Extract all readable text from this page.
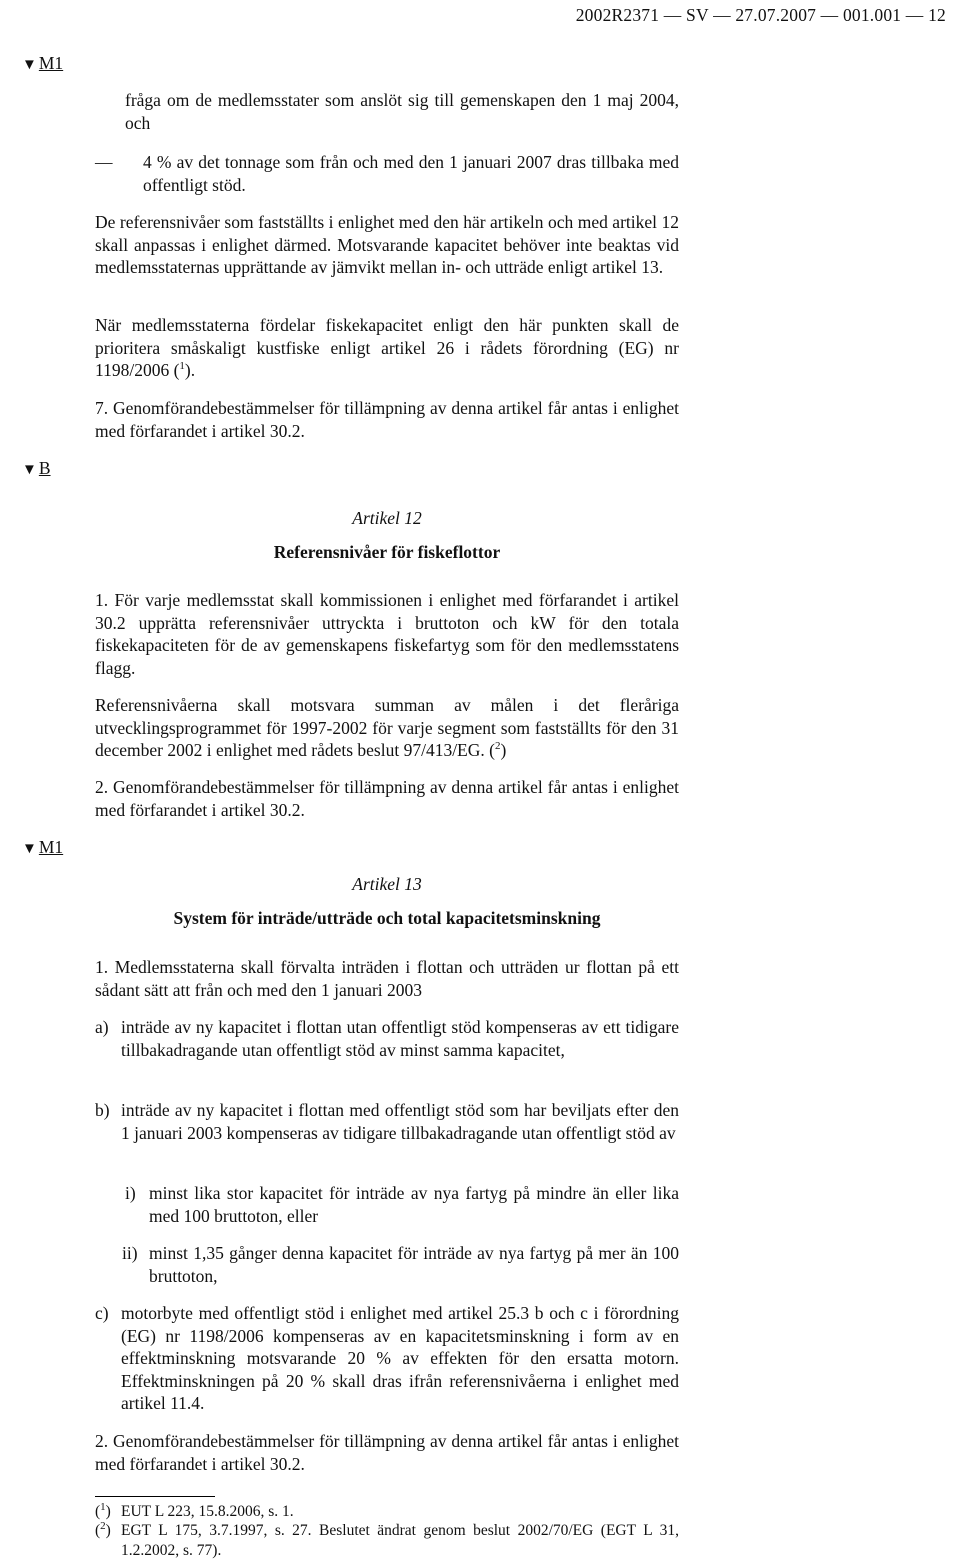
2002R2371 — SV — 27.07.2007 — 001.001 — 12
▼ M1
▼ B
▼ M1

fråga om de medlemsstater som anslöt sig till gemenskapen den 1 maj 2004, och

—	4 % av det tonnage som från och med den 1 januari 2007 dras tillbaka med offentligt stöd.

De referensnivåer som fastställts i enlighet med den här artikeln och med artikel 12 skall anpassas i enlighet därmed. Motsvarande kapacitet behöver inte beaktas vid medlemsstaternas upprättande av jämvikt mellan in- och utträde enligt artikel 13.

När medlemsstaterna fördelar fiskekapacitet enligt den här punkten skall de prioritera småskaligt kustfiske enligt artikel 26 i rådets förordning (EG) nr 1198/2006 ($^1$).

7. Genomförandebestämmelser för tillämpning av denna artikel får antas i enlighet med förfarandet i artikel 30.2.

Artikel 12
Referensnivåer för fiskeflottor

1. För varje medlemsstat skall kommissionen i enlighet med förfarandet i artikel 30.2 upprätta referensnivåer uttryckta i bruttoton och kW för den totala fiskekapaciteten för de av gemenskapens fiskefartyg som för den medlemsstatens flagg.

Referensnivåerna skall motsvara summan av målen i det fleråriga utvecklingsprogrammet för 1997-2002 för varje segment som fastställts för den 31 december 2002 i enlighet med rådets beslut 97/413/EG. ($^2$)

2. Genomförandebestämmelser för tillämpning av denna artikel får antas i enlighet med förfarandet i artikel 30.2.

Artikel 13
System för inträde/utträde och total kapacitetsminskning

1. Medlemsstaterna skall förvalta inträden i flottan och utträden ur flottan på ett sådant sätt att från och med den 1 januari 2003

a) inträde av ny kapacitet i flottan utan offentligt stöd kompenseras av ett tidigare tillbakadragande utan offentligt stöd av minst samma kapacitet,
b) inträde av ny kapacitet i flottan med offentligt stöd som har beviljats efter den 1 januari 2003 kompenseras av tidigare tillbakadragande utan offentligt stöd av
i) minst lika stor kapacitet för inträde av nya fartyg på mindre än eller lika med 100 bruttoton, eller
ii) minst 1,35 gånger denna kapacitet för inträde av nya fartyg på mer än 100 bruttoton,
c) motorbyte med offentligt stöd i enlighet med artikel 25.3 b och c i förordning (EG) nr 1198/2006 kompenseras av en kapacitetsminskning i form av en effektminskning motsvarande 20 % av effekten för den ersatta motorn. Effektminskningen på 20 % skall dras ifrån referensnivåerna i enlighet med artikel 11.4.

2. Genomförandebestämmelser för tillämpning av denna artikel får antas i enlighet med förfarandet i artikel 30.2.

($^1$) EUT L 223, 15.8.2006, s. 1.
($^2$) EGT L 175, 3.7.1997, s. 27. Beslutet ändrat genom beslut 2002/70/EG (EGT L 31, 1.2.2002, s. 77).
